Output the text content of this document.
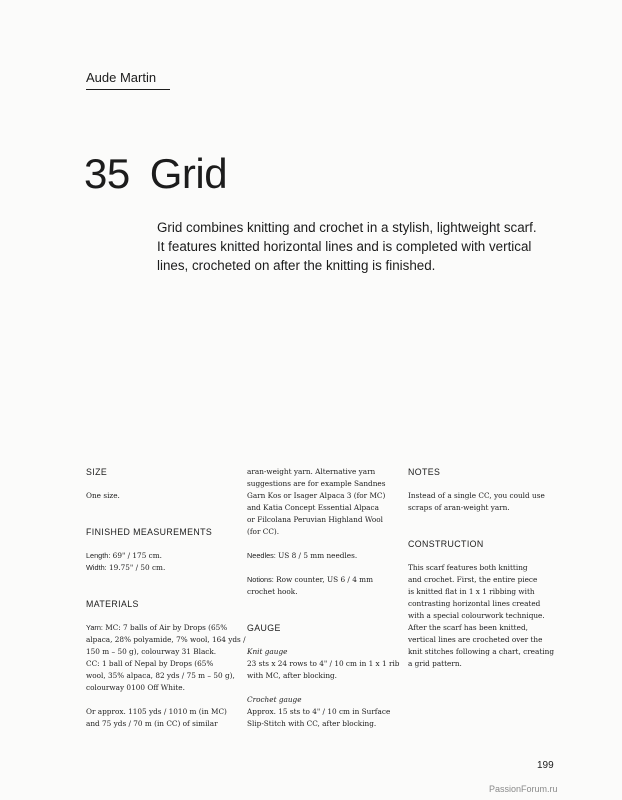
Aude Martin
35 Grid
Grid combines knitting and crochet in a stylish, lightweight scarf.
It features knitted horizontal lines and is completed with vertical
lines, crocheted on after the knitting is finished.
SIZE
One size.
FINISHED MEASUREMENTS
Length: 69" / 175 cm.
Width: 19.75" / 50 cm.
MATERIALS
Yarn: MC: 7 balls of Air by Drops (65%
alpaca, 28% polyamide, 7% wool, 164 yds /
150 m – 50 g), colourway 31 Black.
CC: 1 ball of Nepal by Drops (65%
wool, 35% alpaca, 82 yds / 75 m – 50 g),
colourway 0100 Off White.
Or approx. 1105 yds / 1010 m (in MC)
and 75 yds / 70 m (in CC) of similar
aran-weight yarn. Alternative yarn
suggestions are for example Sandnes
Garn Kos or Isager Alpaca 3 (for MC)
and Katia Concept Essential Alpaca
or Filcolana Peruvian Highland Wool
(for CC).
Needles: US 8 / 5 mm needles.
Notions: Row counter, US 6 / 4 mm
crochet hook.
GAUGE
Knit gauge
23 sts x 24 rows to 4" / 10 cm in 1 x 1 rib
with MC, after blocking.
Crochet gauge
Approx. 15 sts to 4" / 10 cm in Surface
Slip-Stitch with CC, after blocking.
NOTES
Instead of a single CC, you could use
scraps of aran-weight yarn.
CONSTRUCTION
This scarf features both knitting
and crochet. First, the entire piece
is knitted flat in 1 x 1 ribbing with
contrasting horizontal lines created
with a special colourwork technique.
After the scarf has been knitted,
vertical lines are crocheted over the
knit stitches following a chart, creating
a grid pattern.
199
PassionForum.ru
